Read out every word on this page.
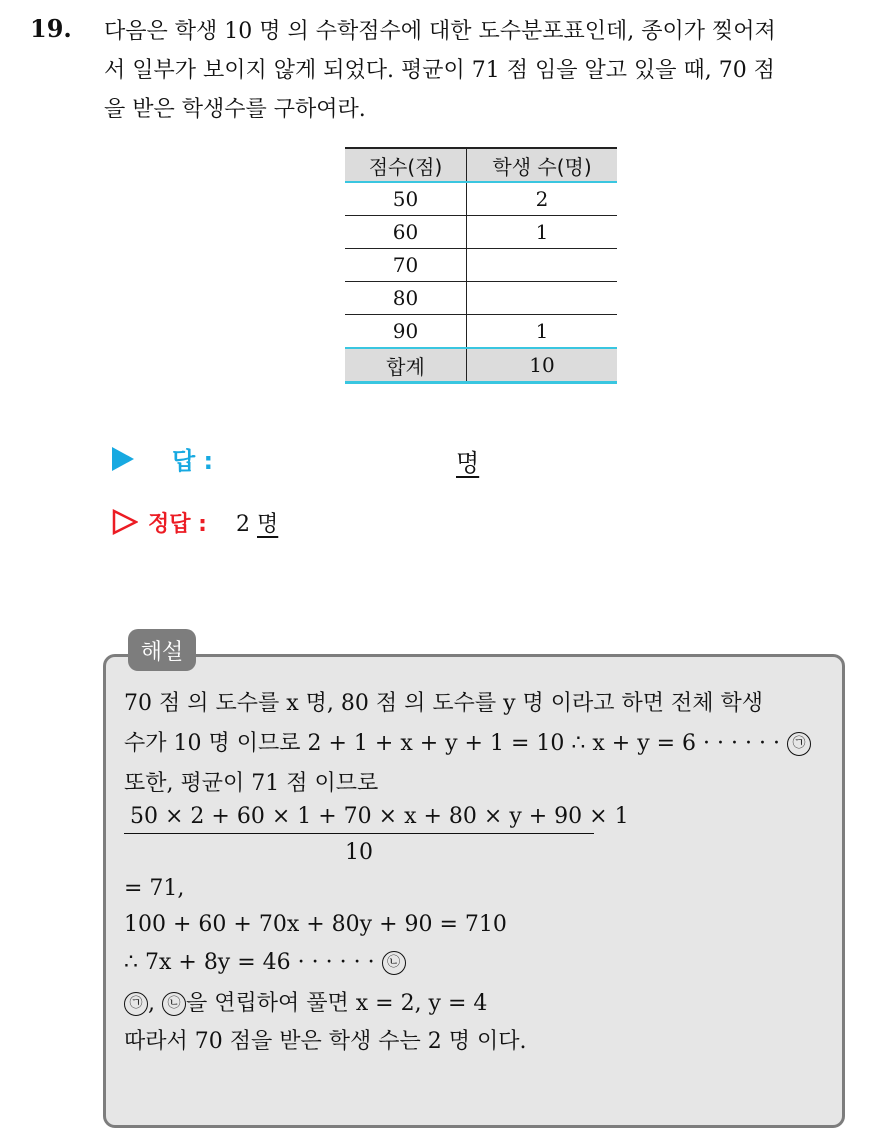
19. 다음은 학생 10 명 의 수학점수에 대한 도수분포표인데, 종이가 찢어져
서 일부가 보이지 않게 되었다. 평균이 71 점 임을 알고 있을 때, 70 점
을 받은 학생수를 구하여라.
점수(점)	학생 수(명)
50	2
60	1
70	
80	
90	1
합계	10
답 :	명
정답 : 2 명
해설
70 점 의 도수를 x 명, 80 점 의 도수를 y 명 이라고 하면 전체 학생
수가 10 명 이므로 2 + 1 + x + y + 1 = 10 ∴ x + y = 6 · · · · · · ㉠
또한, 평균이 71 점 이므로
$\frac{50 \times 2 + 60 \times 1 + 70 \times x + 80 \times y + 90 \times 1}{10}$
= 71,
100 + 60 + 70x + 80y + 90 = 710
∴ 7x + 8y = 46 · · · · · · ㉡
㉠ , ㉡ 을 연립하여 풀면 x = 2, y = 4
따라서 70 점을 받은 학생 수는 2 명 이다.
